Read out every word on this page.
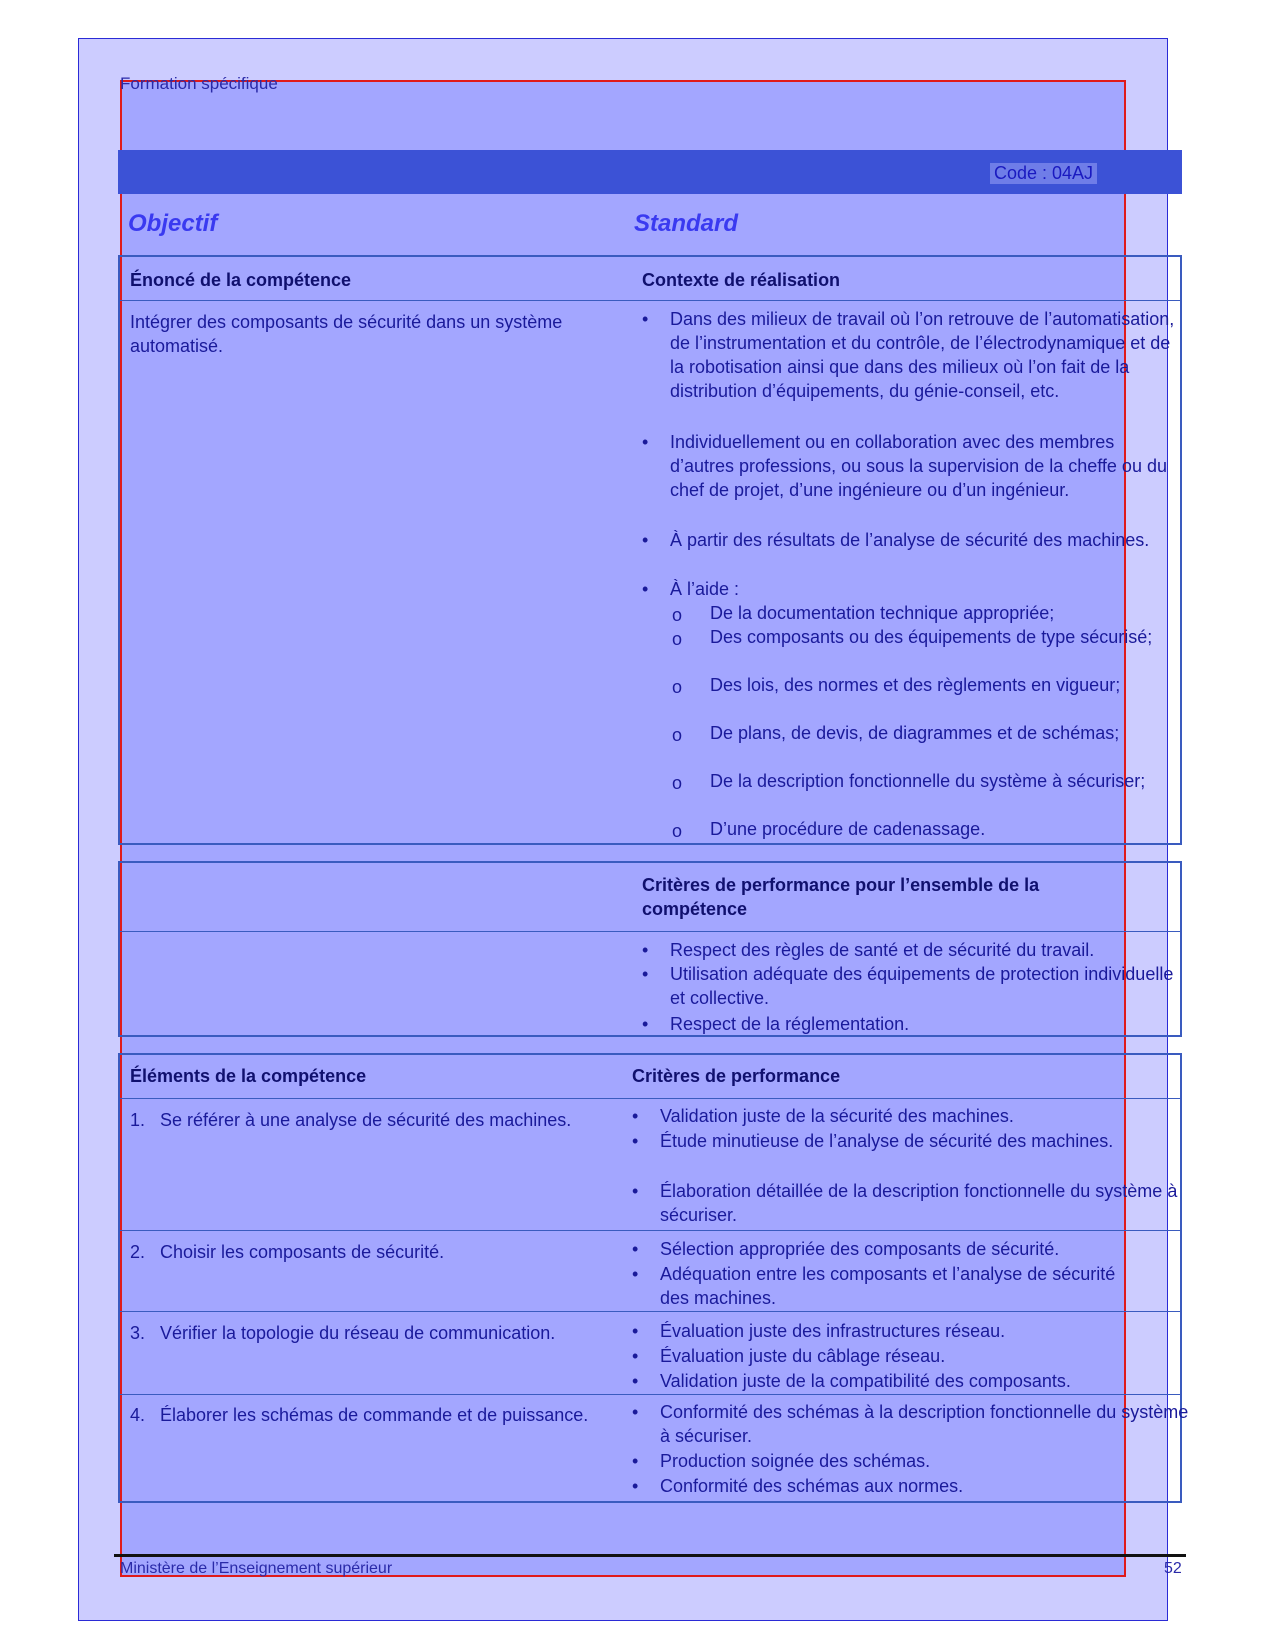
Formation spécifique
Code : 04AJ
Objectif	Standard
Énoncé de la compétence	Contexte de réalisation
Intégrer des composants de sécurité dans un système automatisé.
• Dans des milieux de travail où l’on retrouve de l’automatisation, de l’instrumentation et du contrôle, de l’électrodynamique et de la robotisation ainsi que dans des milieux où l’on fait de la distribution d’équipements, du génie-conseil, etc.
• Individuellement ou en collaboration avec des membres d’autres professions, ou sous la supervision de la cheffe ou du chef de projet, d’une ingénieure ou d’un ingénieur.
• À partir des résultats de l’analyse de sécurité des machines.
• À l’aide :
o De la documentation technique appropriée;
o Des composants ou des équipements de type sécurisé;
o Des lois, des normes et des règlements en vigueur;
o De plans, de devis, de diagrammes et de schémas;
o De la description fonctionnelle du système à sécuriser;
o D’une procédure de cadenassage.
Critères de performance pour l’ensemble de la compétence
• Respect des règles de santé et de sécurité du travail.
• Utilisation adéquate des équipements de protection individuelle et collective.
• Respect de la réglementation.
Éléments de la compétence	Critères de performance
1. Se référer à une analyse de sécurité des machines.	• Validation juste de la sécurité des machines.
• Étude minutieuse de l’analyse de sécurité des machines.
• Élaboration détaillée de la description fonctionnelle du système à sécuriser.
2. Choisir les composants de sécurité.	• Sélection appropriée des composants de sécurité.
• Adéquation entre les composants et l’analyse de sécurité des machines.
3. Vérifier la topologie du réseau de communication.	• Évaluation juste des infrastructures réseau.
• Évaluation juste du câblage réseau.
• Validation juste de la compatibilité des composants.
4. Élaborer les schémas de commande et de puissance.	• Conformité des schémas à la description fonctionnelle du système à sécuriser.
• Production soignée des schémas.
• Conformité des schémas aux normes.
Ministère de l’Enseignement supérieur	52
